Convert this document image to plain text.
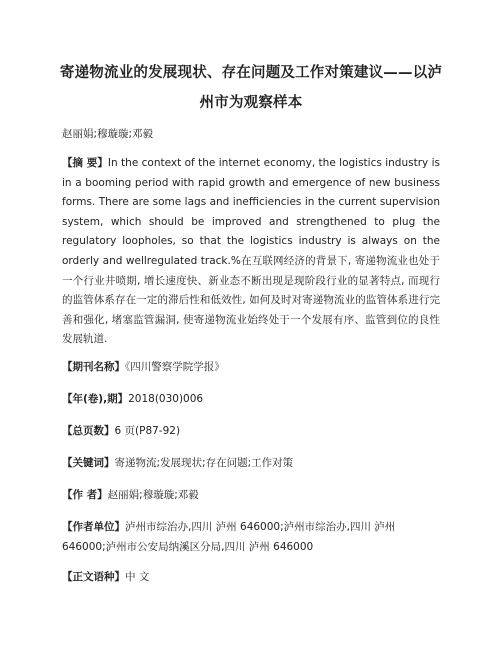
寄递物流业的发展现状、存在问题及工作对策建议——以泸州市为观察样本
赵丽娟;穆璇璇;邓毅
【摘 要】In the context of the internet economy, the logistics industry is in a booming period with rapid growth and emergence of new business forms. There are some lags and inefficiencies in the current supervision system, which should be improved and strengthened to plug the regulatory loopholes, so that the logistics industry is always on the orderly and wellregulated track.%在互联网经济的背景下, 寄递物流业也处于一个行业井喷期, 增长速度快、新业态不断出现是现阶段行业的显著特点, 而现行的监管体系存在一定的滞后性和低效性, 如何及时对寄递物流业的监管体系进行完善和强化, 堵塞监管漏洞, 使寄递物流业始终处于一个发展有序、监管到位的良性发展轨道.
【期刊名称】《四川警察学院学报》
【年(卷),期】2018(030)006
【总页数】6 页(P87-92)
【关键词】寄递物流;发展现状;存在问题;工作对策
【作 者】赵丽娟;穆璇璇;邓毅
【作者单位】泸州市综治办,四川 泸州 646000;泸州市综治办,四川 泸州 646000;泸州市公安局纳溪区分局,四川 泸州 646000
【正文语种】中 文
